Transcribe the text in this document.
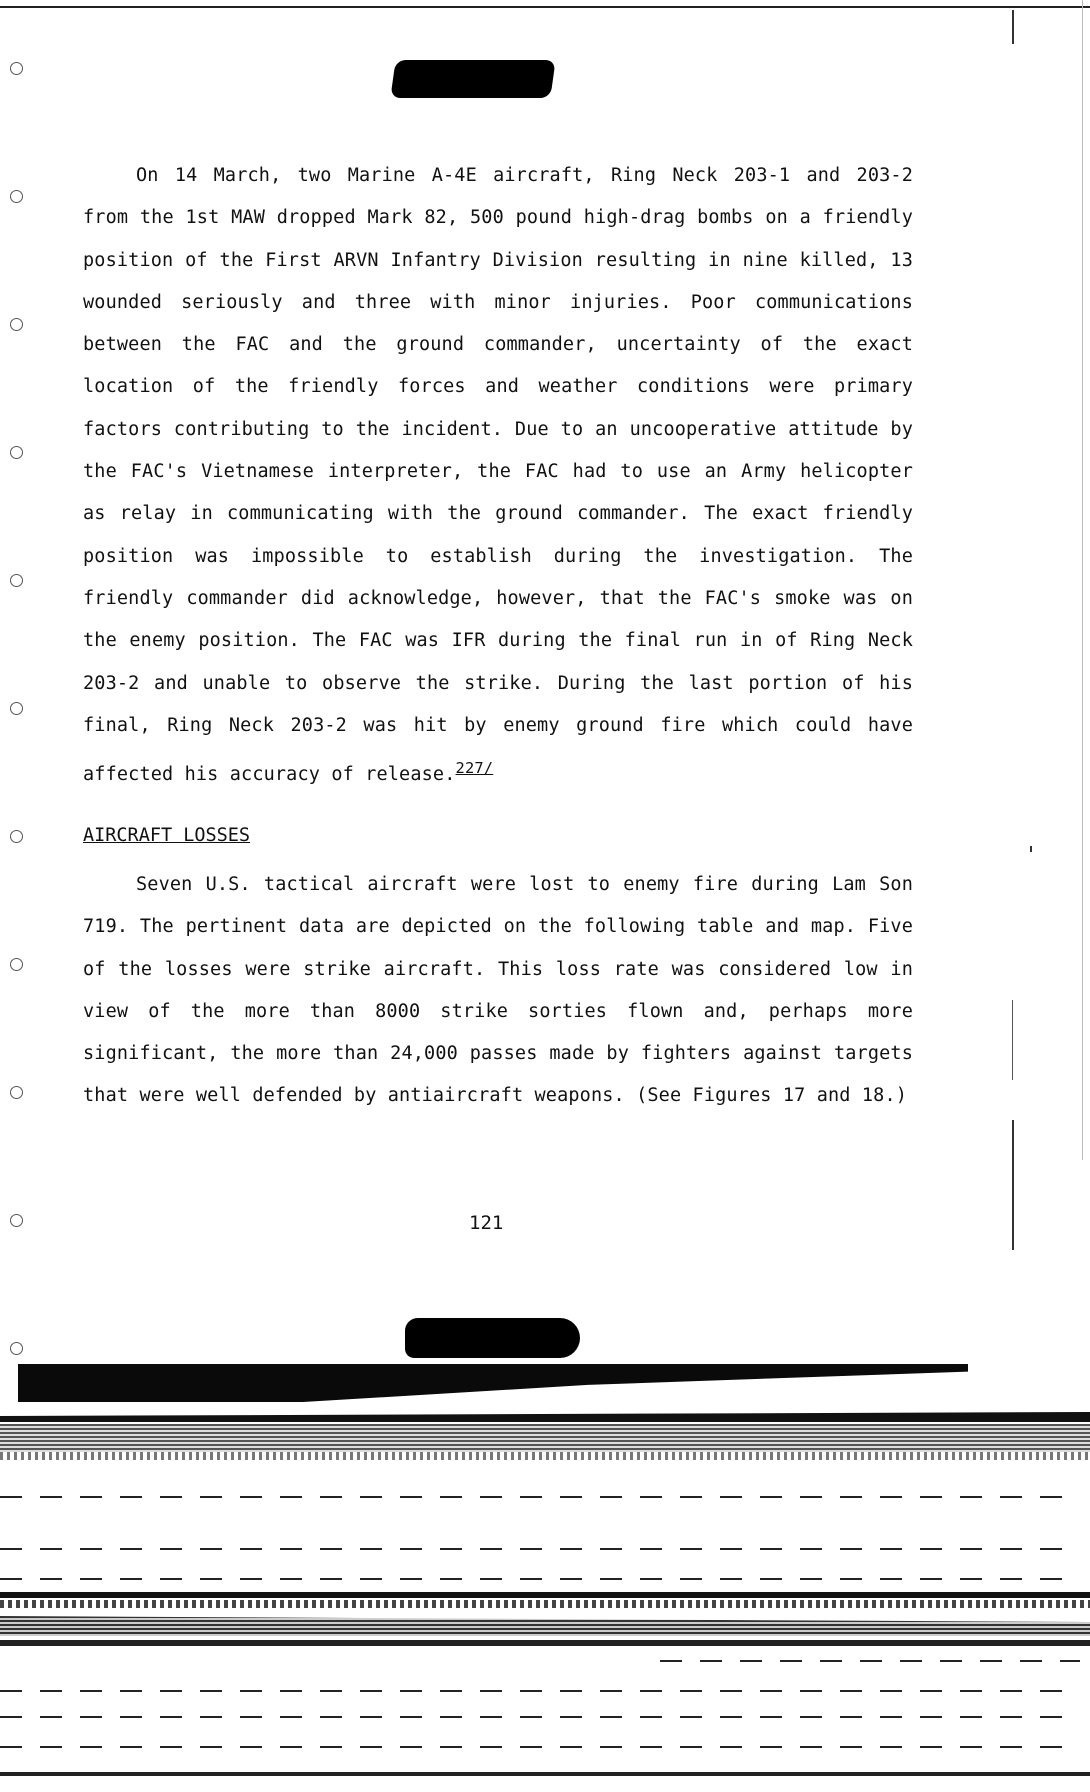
On 14 March, two Marine A-4E aircraft, Ring Neck 203-1 and 203-2 from the 1st MAW dropped Mark 82, 500 pound high-drag bombs on a friendly position of the First ARVN Infantry Division resulting in nine killed, 13 wounded seriously and three with minor injuries. Poor communications between the FAC and the ground commander, uncertainty of the exact location of the friendly forces and weather conditions were primary factors contributing to the incident. Due to an uncooperative attitude by the FAC's Vietnamese interpreter, the FAC had to use an Army helicopter as relay in communicating with the ground commander. The exact friendly position was impossible to establish during the investigation. The friendly commander did acknowledge, however, that the FAC's smoke was on the enemy position. The FAC was IFR during the final run in of Ring Neck 203-2 and unable to observe the strike. During the last portion of his final, Ring Neck 203-2 was hit by enemy ground fire which could have affected his accuracy of release.$^{227/}$

AIRCRAFT LOSSES

Seven U.S. tactical aircraft were lost to enemy fire during Lam Son 719. The pertinent data are depicted on the following table and map. Five of the losses were strike aircraft. This loss rate was considered low in view of the more than 8000 strike sorties flown and, perhaps more significant, the more than 24,000 passes made by fighters against targets that were well defended by antiaircraft weapons. (See Figures 17 and 18.)

121
